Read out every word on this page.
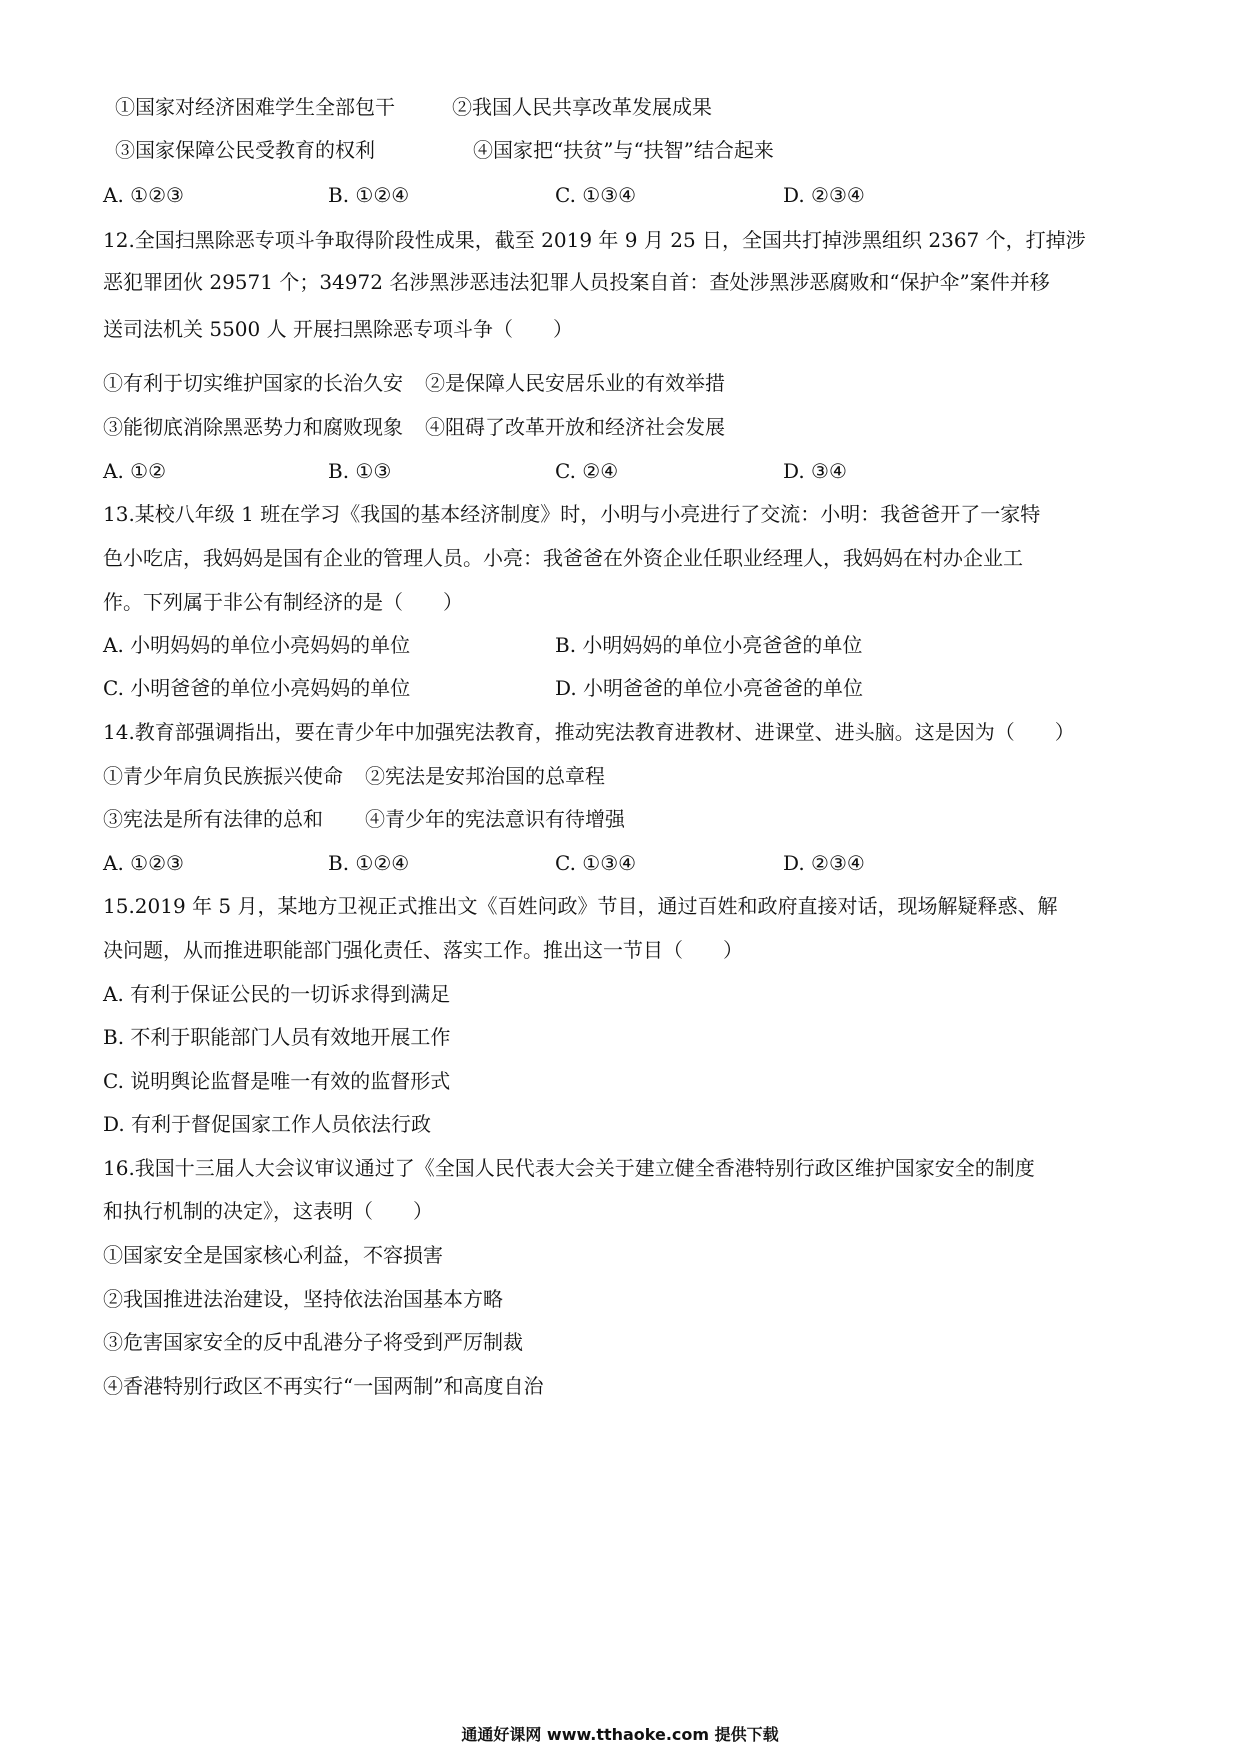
①国家对经济困难学生全部包干	②我国人民共享改革发展成果

③国家保障公民受教育的权利	④国家把“扶贫”与“扶智”结合起来

A. ①②③	B. ①②④	C. ①③④	D. ②③④

12.全国扫黑除恶专项斗争取得阶段性成果，截至 2019 年 9 月 25 日，全国共打掉涉黑组织 2367 个，打掉涉

恶犯罪团伙 29571 个；34972 名涉黑涉恶违法犯罪人员投案自首：查处涉黑涉恶腐败和“保护伞”案件并移

送司法机关 5500 人 开展扫黑除恶专项斗争（　　）

①有利于切实维护国家的长治久安 ②是保障人民安居乐业的有效举措

③能彻底消除黑恶势力和腐败现象 ④阻碍了改革开放和经济社会发展

A. ①②	B. ①③	C. ②④	D. ③④

13.某校八年级 1 班在学习《我国的基本经济制度》时，小明与小亮进行了交流：小明：我爸爸开了一家特

色小吃店，我妈妈是国有企业的管理人员。小亮：我爸爸在外资企业任职业经理人，我妈妈在村办企业工

作。下列属于非公有制经济的是（　　）

A. 小明妈妈的单位小亮妈妈的单位	B. 小明妈妈的单位小亮爸爸的单位

C. 小明爸爸的单位小亮妈妈的单位	D. 小明爸爸的单位小亮爸爸的单位

14.教育部强调指出，要在青少年中加强宪法教育，推动宪法教育进教材、进课堂、进头脑。这是因为（　　）

①青少年肩负民族振兴使命 ②宪法是安邦治国的总章程

③宪法是所有法律的总和 ④青少年的宪法意识有待增强

A. ①②③	B. ①②④	C. ①③④	D. ②③④

15.2019 年 5 月，某地方卫视正式推出文《百姓问政》节目，通过百姓和政府直接对话，现场解疑释惑、解

决问题，从而推进职能部门强化责任、落实工作。推出这一节目（　　）

A. 有利于保证公民的一切诉求得到满足

B. 不利于职能部门人员有效地开展工作

C. 说明舆论监督是唯一有效的监督形式

D. 有利于督促国家工作人员依法行政

16.我国十三届人大会议审议通过了《全国人民代表大会关于建立健全香港特别行政区维护国家安全的制度

和执行机制的决定》，这表明（　　）

①国家安全是国家核心利益，不容损害

②我国推进法治建设，坚持依法治国基本方略

③危害国家安全的反中乱港分子将受到严厉制裁

④香港特别行政区不再实行“一国两制”和高度自治

通通好课网 www.tthaoke.com 提供下载
